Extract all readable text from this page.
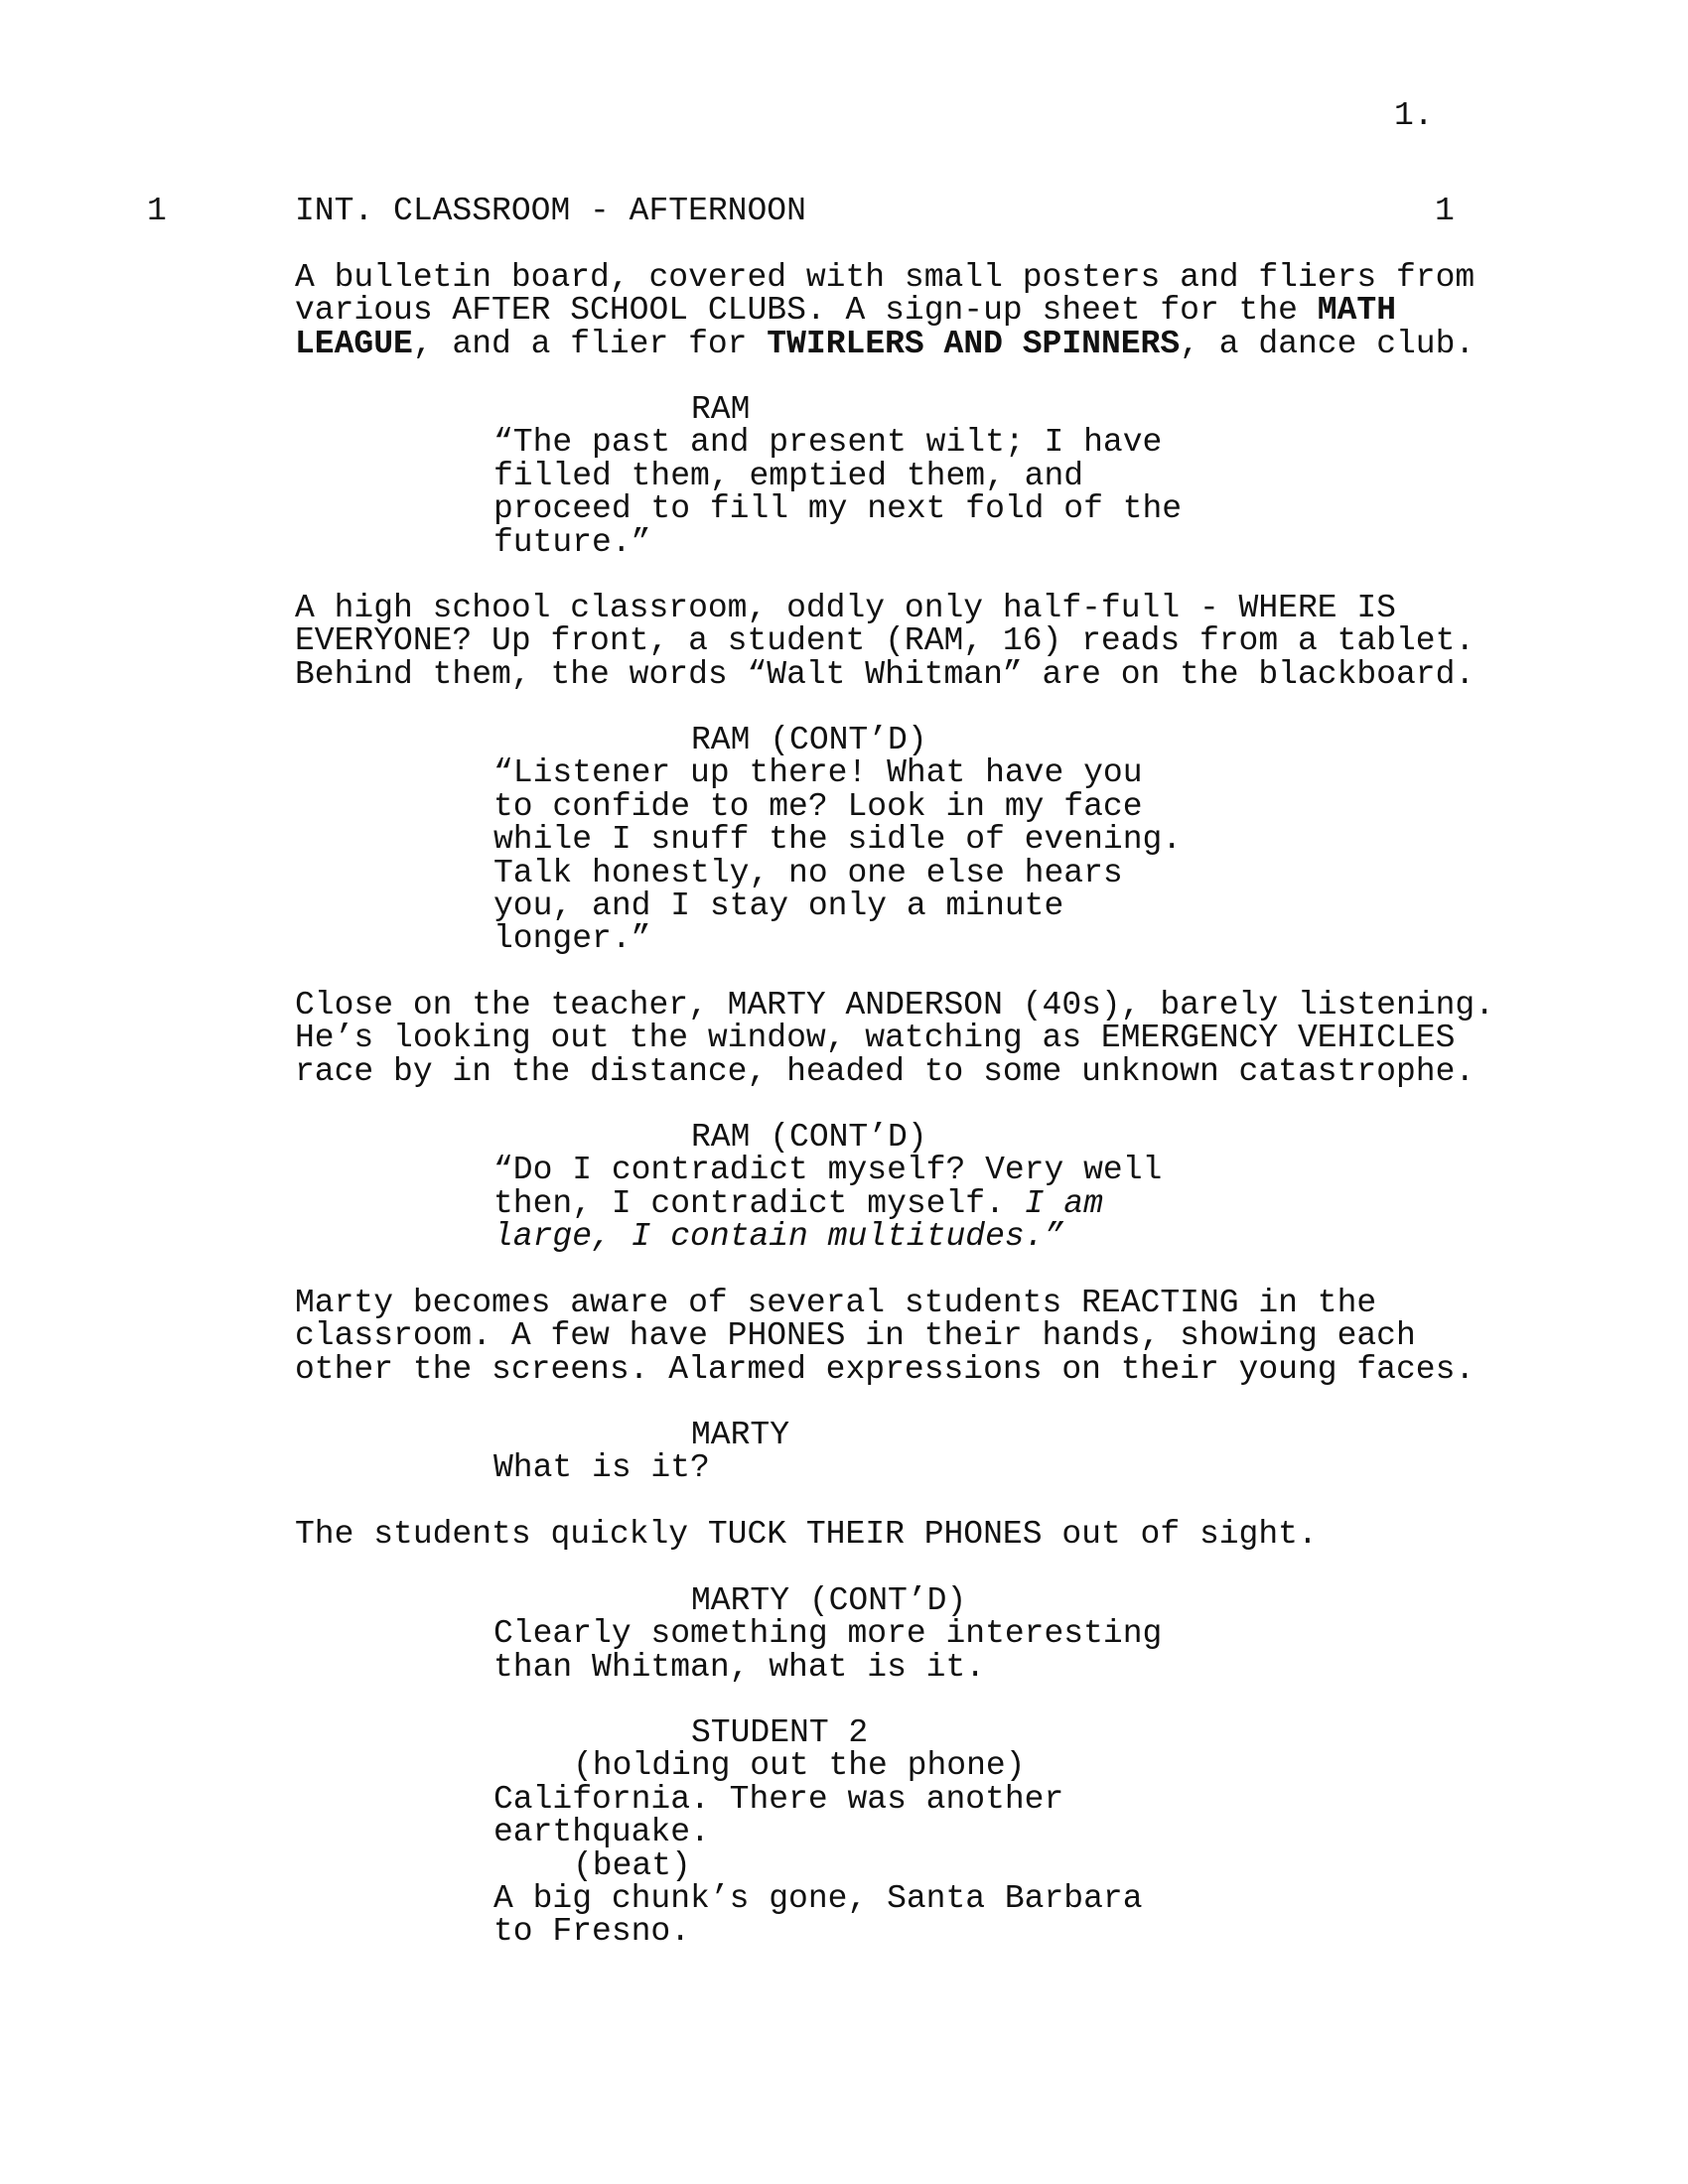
1.
1	INT. CLASSROOM - AFTERNOON	1

A bulletin board, covered with small posters and fliers from

various AFTER SCHOOL CLUBS. A sign-up sheet for the MATH

LEAGUE, and a flier for TWIRLERS AND SPINNERS, a dance club.

RAM

“The past and present wilt; I have

filled them, emptied them, and

proceed to fill my next fold of the

future.”

A high school classroom, oddly only half-full - WHERE IS

EVERYONE? Up front, a student (RAM, 16) reads from a tablet.

Behind them, the words “Walt Whitman” are on the blackboard.

RAM (CONT’D)

“Listener up there! What have you

to confide to me? Look in my face

while I snuff the sidle of evening.

Talk honestly, no one else hears

you, and I stay only a minute

longer.”

Close on the teacher, MARTY ANDERSON (40s), barely listening.

He’s looking out the window, watching as EMERGENCY VEHICLES

race by in the distance, headed to some unknown catastrophe.

RAM (CONT’D)

“Do I contradict myself? Very well

then, I contradict myself. I am

large, I contain multitudes.”

Marty becomes aware of several students REACTING in the

classroom. A few have PHONES in their hands, showing each

other the screens. Alarmed expressions on their young faces.

MARTY

What is it?

The students quickly TUCK THEIR PHONES out of sight.

MARTY (CONT’D)

Clearly something more interesting

than Whitman, what is it.

STUDENT 2

(holding out the phone)

California. There was another

earthquake.

(beat)

A big chunk’s gone, Santa Barbara

to Fresno.
